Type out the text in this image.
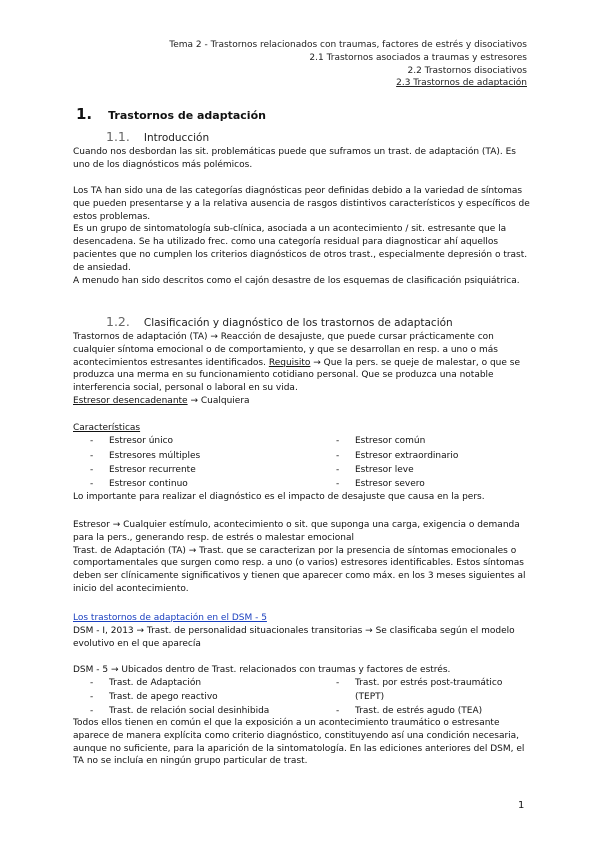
Tema 2 - Trastornos relacionados con traumas, factores de estrés y disociativos
2.1 Trastornos asociados a traumas y estresores
2.2 Trastornos disociativos
2.3 Trastornos de adaptación
1. Trastornos de adaptación
1.1. Introducción
Cuando nos desbordan las sit. problemáticas puede que suframos un trast. de adaptación (TA). Es
uno de los diagnósticos más polémicos.
Los TA han sido una de las categorías diagnósticas peor definidas debido a la variedad de síntomas
que pueden presentarse y a la relativa ausencia de rasgos distintivos característicos y específicos de
estos problemas.
Es un grupo de sintomatología sub-clínica, asociada a un acontecimiento / sit. estresante que la
desencadena. Se ha utilizado frec. como una categoría residual para diagnosticar ahí aquellos
pacientes que no cumplen los criterios diagnósticos de otros trast., especialmente depresión o trast.
de ansiedad.
A menudo han sido descritos como el cajón desastre de los esquemas de clasificación psiquiátrica.
1.2. Clasificación y diagnóstico de los trastornos de adaptación
Trastornos de adaptación (TA) → Reacción de desajuste, que puede cursar prácticamente con
cualquier síntoma emocional o de comportamiento, y que se desarrollan en resp. a uno o más
acontecimientos estresantes identificados. Requisito → Que la pers. se queje de malestar, o que se
produzca una merma en su funcionamiento cotidiano personal. Que se produzca una notable
interferencia social, personal o laboral en su vida.
Estresor desencadenante → Cualquiera
Características
- Estresor único
- Estresores múltiples
- Estresor recurrente
- Estresor continuo
- Estresor común
- Estresor extraordinario
- Estresor leve
- Estresor severo
Lo importante para realizar el diagnóstico es el impacto de desajuste que causa en la pers.
Estresor → Cualquier estímulo, acontecimiento o sit. que suponga una carga, exigencia o demanda
para la pers., generando resp. de estrés o malestar emocional
Trast. de Adaptación (TA) → Trast. que se caracterizan por la presencia de síntomas emocionales o
comportamentales que surgen como resp. a uno (o varios) estresores identificables. Estos síntomas
deben ser clínicamente significativos y tienen que aparecer como máx. en los 3 meses siguientes al
inicio del acontecimiento.
Los trastornos de adaptación en el DSM - 5
DSM - I, 2013 → Trast. de personalidad situacionales transitorias → Se clasificaba según el modelo
evolutivo en el que aparecía
DSM - 5 → Ubicados dentro de Trast. relacionados con traumas y factores de estrés.
- Trast. de Adaptación
- Trast. de apego reactivo
- Trast. de relación social desinhibida
- Trast. por estrés post-traumático
(TEPT)
- Trast. de estrés agudo (TEA)
Todos ellos tienen en común el que la exposición a un acontecimiento traumático o estresante
aparece de manera explícita como criterio diagnóstico, constituyendo así una condición necesaria,
aunque no suficiente, para la aparición de la sintomatología. En las ediciones anteriores del DSM, el
TA no se incluía en ningún grupo particular de trast.
1
